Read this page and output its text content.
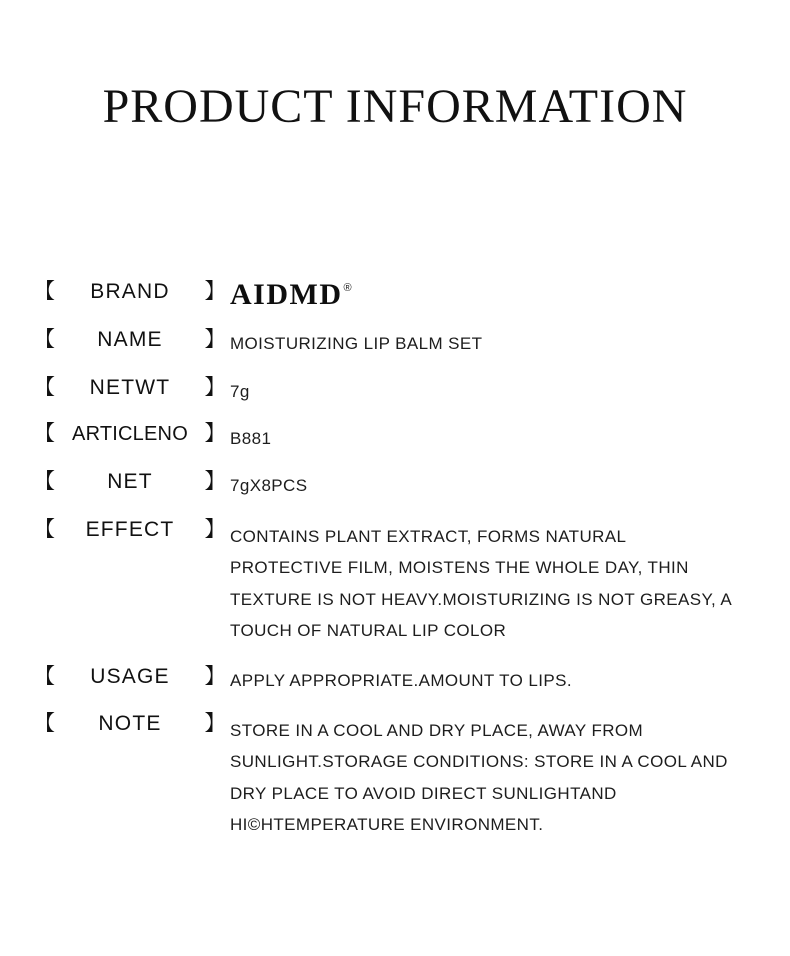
PRODUCT INFORMATION
【	BRAND	】 AIDMD ®
【	NAME	】 MOISTURIZING LIP BALM SET
【	NETWT	】 7g
【 ARTICLENO 】 B881
【	NET	】 7gX8PCS
【	EFFECT	】 CONTAINS PLANT EXTRACT, FORMS NATURAL PROTECTIVE FILM, MOISTENS THE WHOLE DAY, THIN TEXTURE IS NOT HEAVY.MOISTURIZING IS NOT GREASY, A TOUCH OF NATURAL LIP COLOR
【	USAGE	】 APPLY APPROPRIATE.AMOUNT TO LIPS.
【	NOTE	】 STORE IN A COOL AND DRY PLACE, AWAY FROM SUNLIGHT.STORAGE CONDITIONS: STORE IN A COOL AND DRY PLACE TO AVOID DIRECT SUNLIGHTAND HI©HTEMPERATURE ENVIRONMENT.
